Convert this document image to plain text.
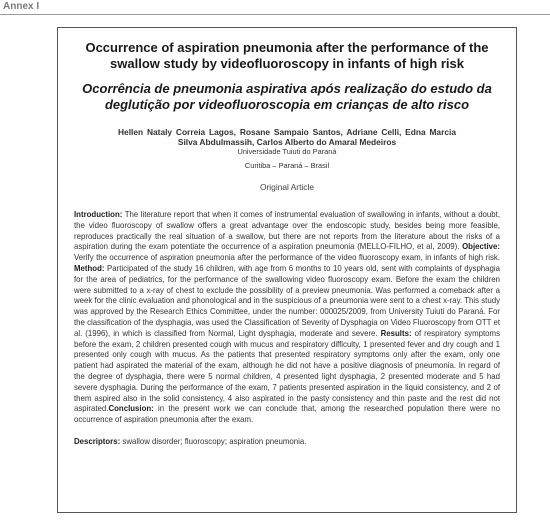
Annex I
Occurrence of aspiration pneumonia after the performance of the swallow study by videofluoroscopy in infants of high risk
Ocorrência de pneumonia aspirativa após realização do estudo da deglutição por videofluoroscopia em crianças de alto risco
Hellen Nataly Correia Lagos, Rosane Sampaio Santos, Adriane Celli, Edna Marcia Silva Abdulmassih, Carlos Alberto do Amaral Medeiros
Universidade Tuiuti do Paraná
Curitiba – Paraná – Brasil
Original Article
Introduction: The literature report that when it comes of instrumental evaluation of swallowing in infants, without a doubt, the video fluoroscopy of swallow offers a great advantage over the endoscopic study, besides being more feasible, reproduces practically the real situation of a swallow, but there are not reports from the literature about the risks of a aspiration during the exam potentiate the occurrence of a aspiration pneumonia (MELLO-FILHO, et al, 2009). Objective: Verify the occurrence of aspiration pneumonia after the performance of the video fluoroscopy exam, in infants of high risk. Method: Participated of the study 16 children, with age from 6 months to 10 years old, sent with complaints of dysphagia for the area of pediatrics, for the performance of the swallowing video fluoroscopy exam. Before the exam the children were submitted to a x-ray of chest to exclude the possibility of a preview pneumonia. Was performed a comeback after a week for the clinic evaluation and phonological and in the suspicious of a pneumonia were sent to a chest x-ray. This study was approved by the Research Ethics Committee, under the number: 000025/2009, from University Tuiuti do Paraná. For the classification of the dysphagia, was used the Classification of Severity of Dysphagia on Video Fluoroscopy from OTT et al. (1996), in which is classified from Normal, Light dysphagia, moderate and severe. Results: of respiratory symptoms before the exam, 2 children presented cough with mucus and respiratory difficulty, 1 presented fever and dry cough and 1 presented only cough with mucus. As the patients that presented respiratory symptoms only after the exam, only one patient had aspirated the material of the exam, although he did not have a positive diagnosis of pneumonia. In regard of the degree of dysphagia, there were 5 normal children, 4 presented light dysphagia, 2 presented moderate and 5 had severe dysphagia. During the performance of the exam, 7 patients presented aspiration in the liquid consistency, and 2 of them aspired also in the solid consistency, 4 also aspirated in the pasty consistency and thin paste and the rest did not aspirated.Conclusion: in the present work we can conclude that, among the researched population there were no occurrence of aspiration pneumonia after the exam.
Descriptors: swallow disorder; fluoroscopy; aspiration pneumonia.
